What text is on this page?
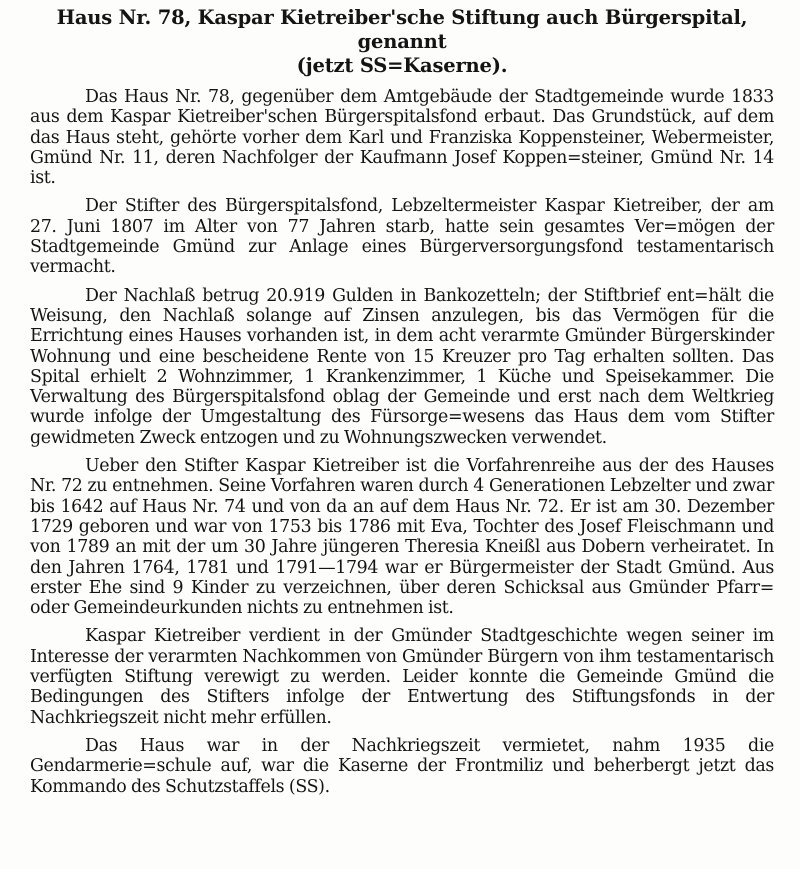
Haus Nr. 78, Kaspar Kietreiber'sche Stiftung auch Bürgerspital, genannt
(jetzt SS=Kaserne).

Das Haus Nr. 78, gegenüber dem Amtgebäude der Stadtgemeinde wurde 1833 aus dem Kaspar Kietreiber'schen Bürgerspitalsfond erbaut. Das Grundstück, auf dem das Haus steht, gehörte vorher dem Karl und Franziska Koppensteiner, Webermeister, Gmünd Nr. 11, deren Nachfolger der Kaufmann Josef Koppen=steiner, Gmünd Nr. 14 ist.

Der Stifter des Bürgerspitalsfond, Lebzeltermeister Kaspar Kietreiber, der am 27. Juni 1807 im Alter von 77 Jahren starb, hatte sein gesamtes Ver=mögen der Stadtgemeinde Gmünd zur Anlage eines Bürgerversorgungsfond testamentarisch vermacht.

Der Nachlaß betrug 20.919 Gulden in Bankozetteln; der Stiftbrief ent=hält die Weisung, den Nachlaß solange auf Zinsen anzulegen, bis das Vermögen für die Errichtung eines Hauses vorhanden ist, in dem acht verarmte Gmünder Bürgerskinder Wohnung und eine bescheidene Rente von 15 Kreuzer pro Tag erhalten sollten. Das Spital erhielt 2 Wohnzimmer, 1 Krankenzimmer, 1 Küche und Speisekammer. Die Verwaltung des Bürgerspitalsfond oblag der Gemeinde und erst nach dem Weltkrieg wurde infolge der Umgestaltung des Fürsorge=wesens das Haus dem vom Stifter gewidmeten Zweck entzogen und zu Wohnungszwecken verwendet.

Ueber den Stifter Kaspar Kietreiber ist die Vorfahrenreihe aus der des Hauses Nr. 72 zu entnehmen. Seine Vorfahren waren durch 4 Generationen Lebzelter und zwar bis 1642 auf Haus Nr. 74 und von da an auf dem Haus Nr. 72. Er ist am 30. Dezember 1729 geboren und war von 1753 bis 1786 mit Eva, Tochter des Josef Fleischmann und von 1789 an mit der um 30 Jahre jüngeren Theresia Kneißl aus Dobern verheiratet. In den Jahren 1764, 1781 und 1791—1794 war er Bürgermeister der Stadt Gmünd. Aus erster Ehe sind 9 Kinder zu verzeichnen, über deren Schicksal aus Gmünder Pfarr= oder Gemeindeurkunden nichts zu entnehmen ist.

Kaspar Kietreiber verdient in der Gmünder Stadtgeschichte wegen seiner im Interesse der verarmten Nachkommen von Gmünder Bürgern von ihm testamentarisch verfügten Stiftung verewigt zu werden. Leider konnte die Gemeinde Gmünd die Bedingungen des Stifters infolge der Entwertung des Stiftungsfonds in der Nachkriegszeit nicht mehr erfüllen.

Das Haus war in der Nachkriegszeit vermietet, nahm 1935 die Gendarmerie=schule auf, war die Kaserne der Frontmiliz und beherbergt jetzt das Kommando des Schutzstaffels (SS).
